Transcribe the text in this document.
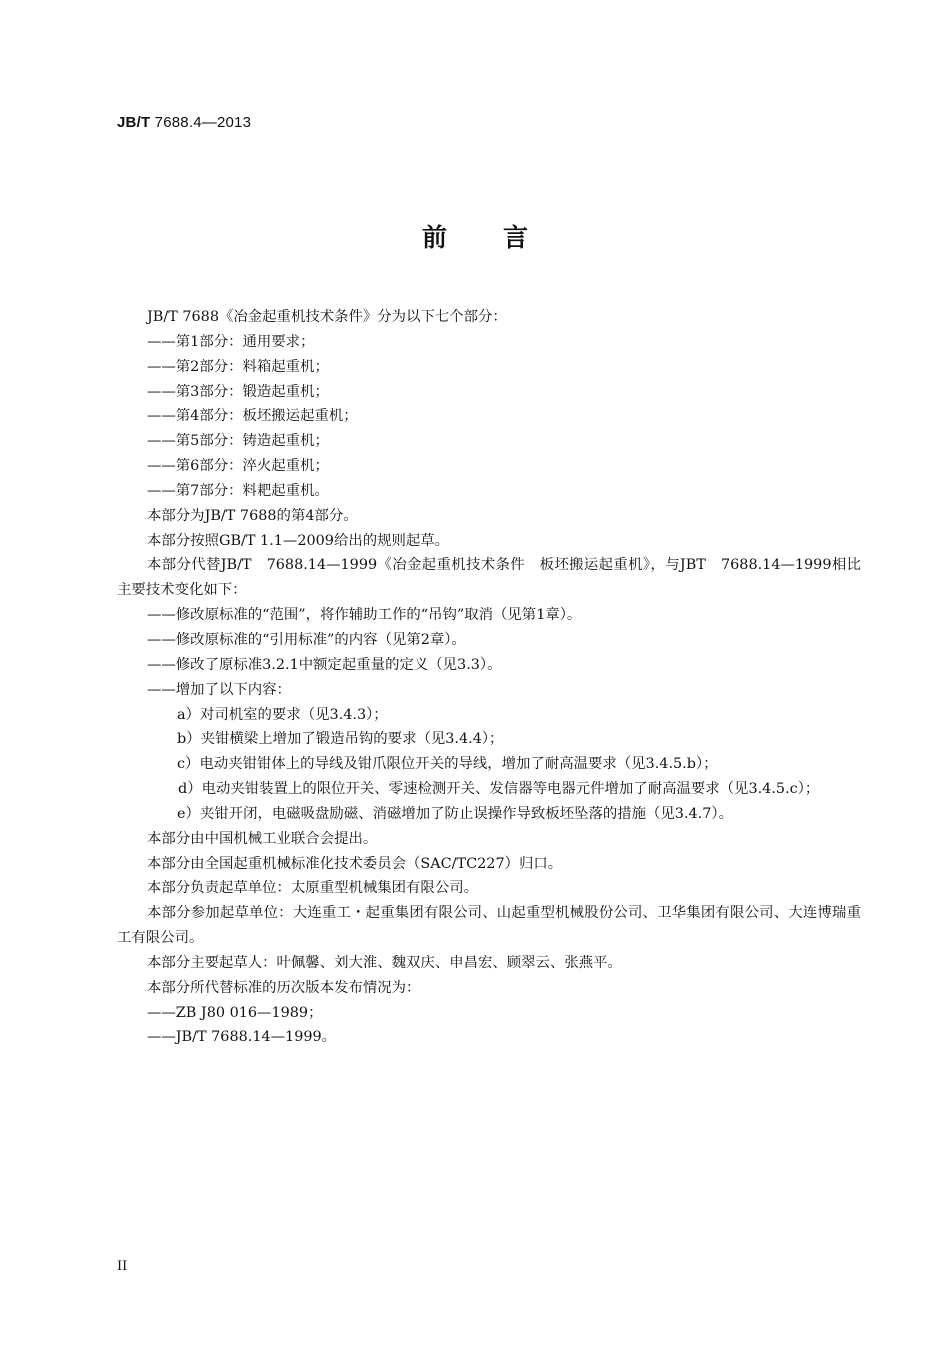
JB/T 7688.4—2013
前言

JB/T 7688《冶金起重机技术条件》分为以下七个部分：

——第1部分：通用要求；

——第2部分：料箱起重机；

——第3部分：锻造起重机；

——第4部分：板坯搬运起重机；

——第5部分：铸造起重机；

——第6部分：淬火起重机；

——第7部分：料耙起重机。

本部分为JB/T 7688的第4部分。

本部分按照GB/T 1.1—2009给出的规则起草。

本部分代替JB/T　7688.14—1999《冶金起重机技术条件　板坯搬运起重机》，与JBT　7688.14—1999相比主要技术变化如下：

——修改原标准的“范围”，将作辅助工作的“吊钩”取消（见第1章）。

——修改原标准的“引用标准”的内容（见第2章）。

——修改了原标准3.2.1中额定起重量的定义（见3.3）。

——增加了以下内容：

a）对司机室的要求（见3.4.3）；

b）夹钳横梁上增加了锻造吊钩的要求（见3.4.4）；

c）电动夹钳钳体上的导线及钳爪限位开关的导线，增加了耐高温要求（见3.4.5.b）；

d）电动夹钳装置上的限位开关、零速检测开关、发信器等电器元件增加了耐高温要求（见3.4.5.c）；

e）夹钳开闭，电磁吸盘励磁、消磁增加了防止误操作导致板坯坠落的措施（见3.4.7）。

本部分由中国机械工业联合会提出。

本部分由全国起重机械标准化技术委员会（SAC/TC227）归口。

本部分负责起草单位：太原重型机械集团有限公司。

本部分参加起草单位：大连重工・起重集团有限公司、山起重型机械股份公司、卫华集团有限公司、大连博瑞重工有限公司。

本部分主要起草人：叶佩馨、刘大淮、魏双庆、申昌宏、顾翠云、张燕平。

本部分所代替标准的历次版本发布情况为：

——ZB J80 016—1989；

——JB/T 7688.14—1999。

II
